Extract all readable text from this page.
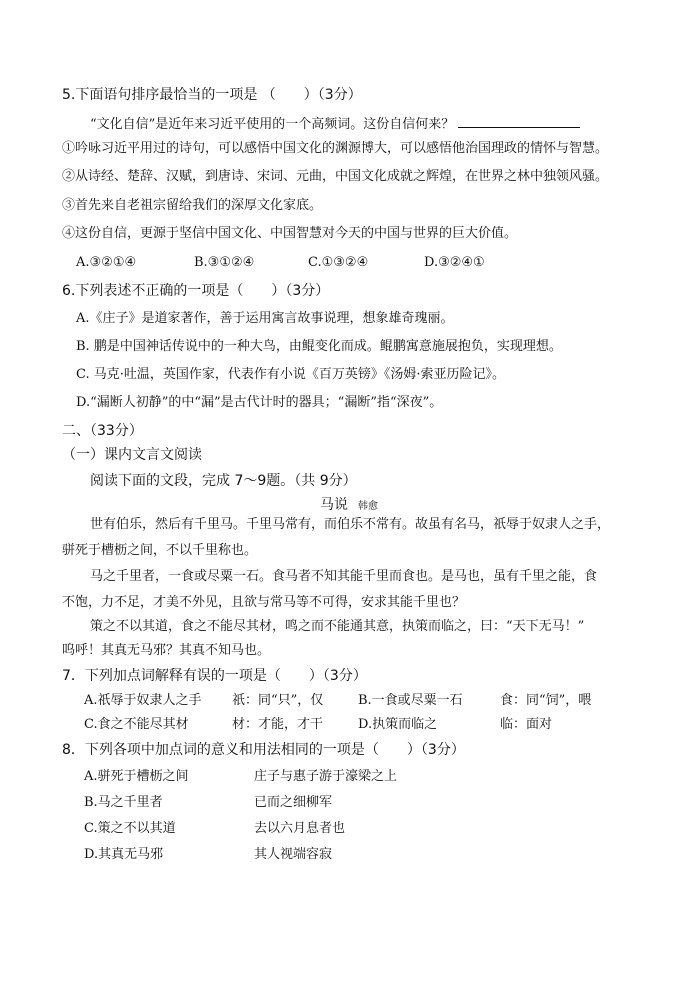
5.下面语句排序最恰当的一项是 （　　）（3分）
“文化自信”是近年来习近平使用的一个高频词。这份自信何来？
①吟咏习近平用过的诗句，可以感悟中国文化的渊源博大，可以感悟他治国理政的情怀与智慧。
②从诗经、楚辞、汉赋，到唐诗、宋词、元曲，中国文化成就之辉煌，在世界之林中独领风骚。
③首先来自老祖宗留给我们的深厚文化家底。
④这份自信，更源于坚信中国文化、中国智慧对今天的中国与世界的巨大价值。
A.③②①④	B.③①②④	C.①③②④	D.③②④①
6.下列表述不正确的一项是（　　）（3分）
A.《庄子》是道家著作，善于运用寓言故事说理，想象雄奇瑰丽。
B. 鹏是中国神话传说中的一种大鸟，由鲲变化而成。鲲鹏寓意施展抱负，实现理想。
C. 马克·吐温，英国作家，代表作有小说《百万英镑》《汤姆·索亚历险记》。
D.“漏断人初静”的中“漏”是古代计时的器具；“漏断”指“深夜”。
二、（33分）
（一）课内文言文阅读
阅读下面的文段，完成 7～9题。（共 9分）
马说 韩愈
世有伯乐，然后有千里马。千里马常有，而伯乐不常有。故虽有名马，祇辱于奴隶人之手，
骈死于槽枥之间，不以千里称也。
马之千里者，一食或尽粟一石。食马者不知其能千里而食也。是马也，虽有千里之能，食
不饱，力不足，才美不外见，且欲与常马等不可得，安求其能千里也？
策之不以其道，食之不能尽其材，鸣之而不能通其意，执策而临之，曰：“天下无马！”
呜呼！其真无马邪？其真不知马也。
7．下列加点词解释有误的一项是（　　）（3分）
A.祇辱于奴隶人之手 祇：同“只”，仅	B.一食或尽粟一石	食：同“饲”，喂
C.食之不能尽其材	材：才能，才干	D.执策而临之	临：面对
8．下列各项中加点词的意义和用法相同的一项是（　　）（3分）
A.骈死于槽枥之间	庄子与惠子游于濠梁之上
B.马之千里者	已而之细柳军
C.策之不以其道	去以六月息者也
D.其真无马邪	其人视端容寂
